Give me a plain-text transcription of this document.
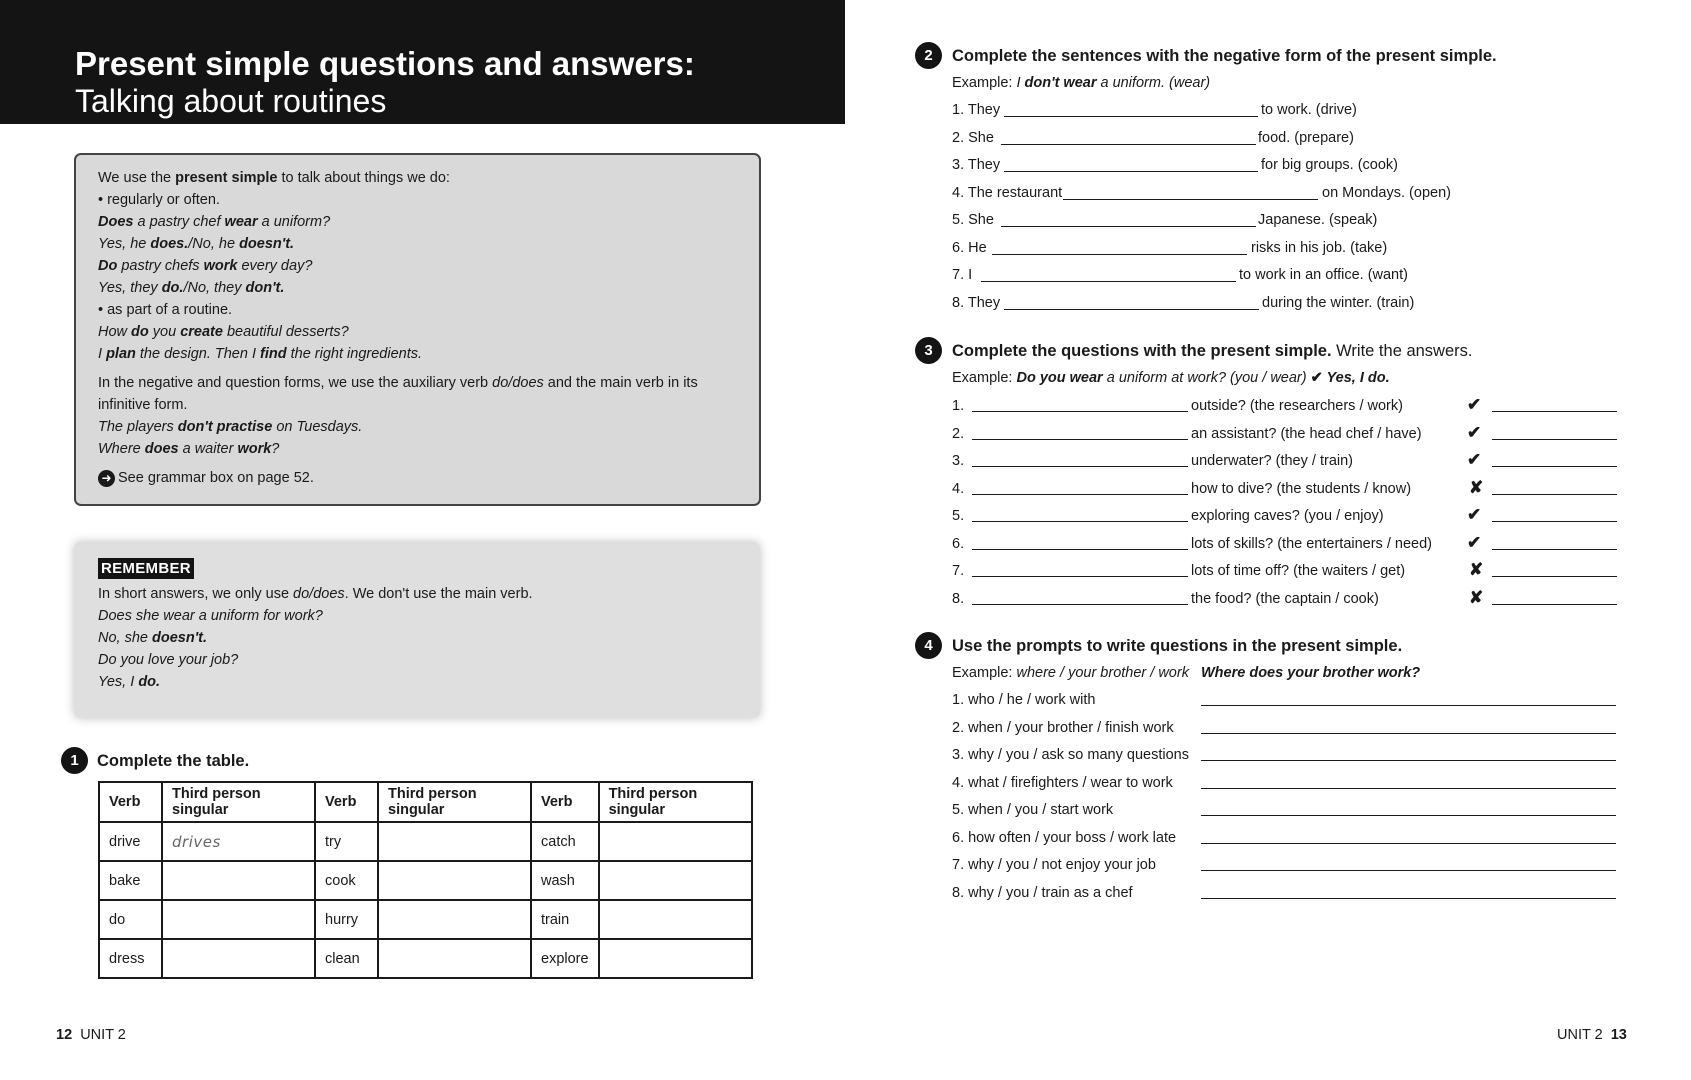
Present simple questions and answers:
Talking about routines
We use the present simple to talk about things we do:
• regularly or often.
Does a pastry chef wear a uniform?
Yes, he does./No, he doesn't.
Do pastry chefs work every day?
Yes, they do./No, they don't.
• as part of a routine.
How do you create beautiful desserts?
I plan the design. Then I find the right ingredients.
In the negative and question forms, we use the auxiliary verb do/does and the main verb in its
infinitive form.
The players don't practise on Tuesdays.
Where does a waiter work?
➜ See grammar box on page 52.
REMEMBER
In short answers, we only use do/does. We don't use the main verb.
Does she wear a uniform for work?
No, she doesn't.
Do you love your job?
Yes, I do.
1	Complete the table.
Verb	Third person singular	Verb	Third person singular	Verb	Third person singular
drive	drives	try		catch	
bake		cook		wash	
do		hurry		train	
dress		clean		explore	
12 UNIT 2
2	Complete the sentences with the negative form of the present simple.
Example: I don't wear a uniform. (wear)
1. They	to work. (drive)
2. She	food. (prepare)
3. They	for big groups. (cook)
4. The restaurant	on Mondays. (open)
5. She	Japanese. (speak)
6. He	risks in his job. (take)
7. I	to work in an office. (want)
8. They	during the winter. (train)
3	Complete the questions with the present simple. Write the answers.
Example: Do you wear a uniform at work? (you / wear) ✔ Yes, I do.
1.	outside? (the researchers / work)	✔
2.	an assistant? (the head chef / have)	✔
3.	underwater? (they / train)	✔
4.	how to dive? (the students / know)	✘
5.	exploring caves? (you / enjoy)	✔
6.	lots of skills? (the entertainers / need) ✔
7.	lots of time off? (the waiters / get)	✘
8.	the food? (the captain / cook)	✘
4	Use the prompts to write questions in the present simple.
Example: where / your brother / work Where does your brother work?
1. who / he / work with
2. when / your brother / finish work
3. why / you / ask so many questions
4. what / firefighters / wear to work
5. when / you / start work
6. how often / your boss / work late
7. why / you / not enjoy your job
8. why / you / train as a chef
UNIT 2 13
